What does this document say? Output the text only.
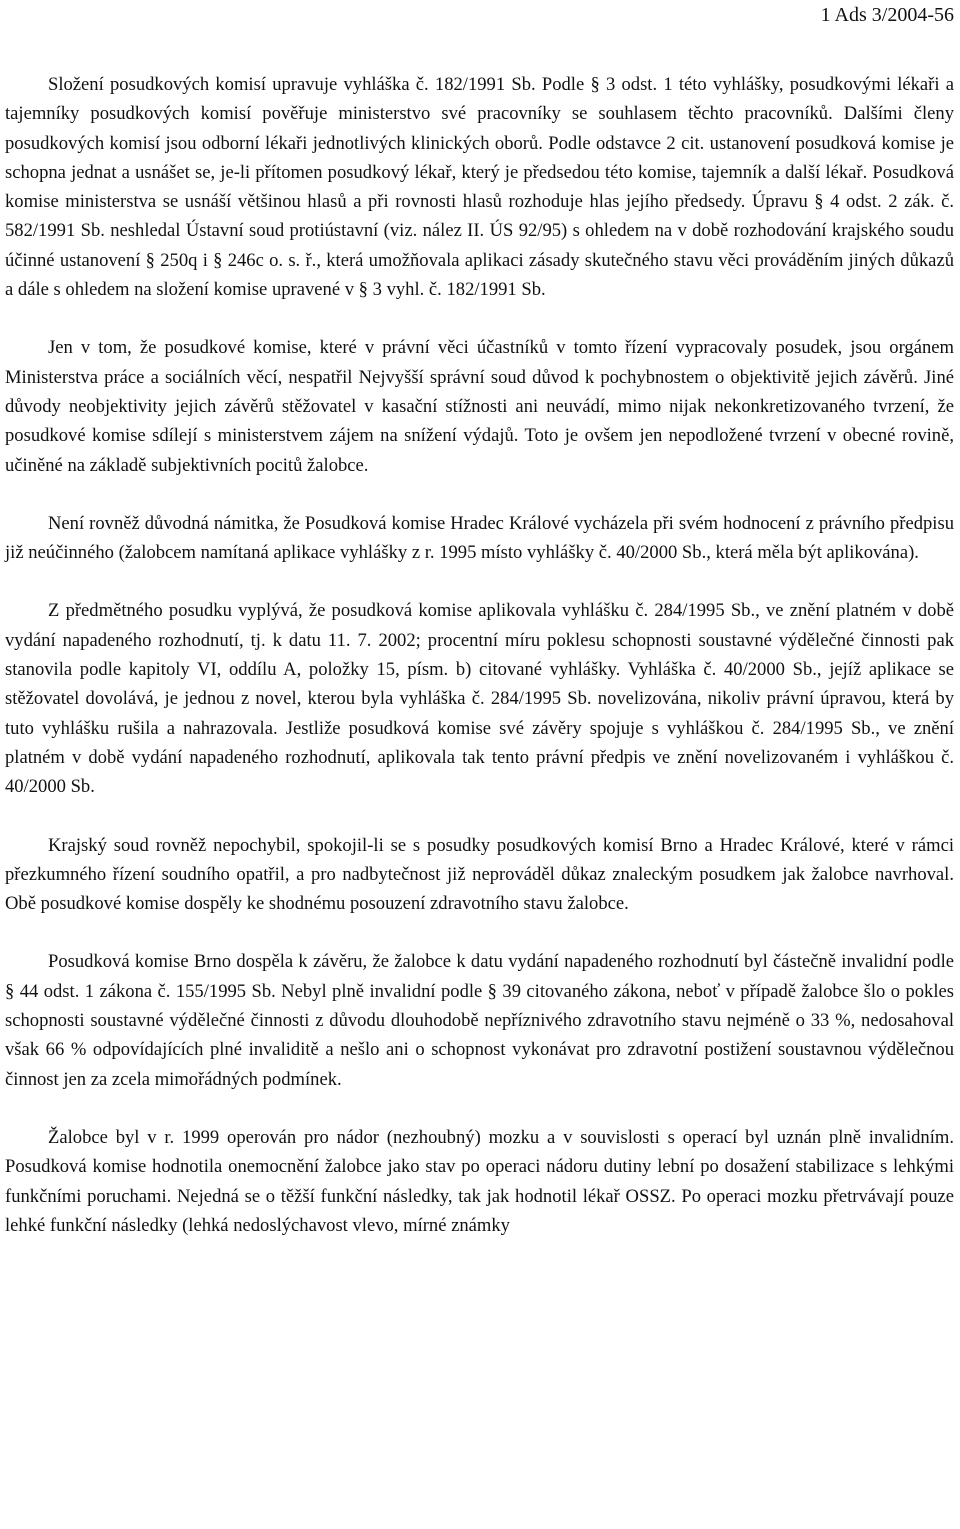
1 Ads 3/2004-56

Složení posudkových komisí upravuje vyhláška č. 182/1991 Sb. Podle § 3 odst. 1 této vyhlášky, posudkovými lékaři a tajemníky posudkových komisí pověřuje ministerstvo své pracovníky se souhlasem těchto pracovníků. Dalšími členy posudkových komisí jsou odborní lékaři jednotlivých klinických oborů. Podle odstavce 2 cit. ustanovení posudková komise je schopna jednat a usnášet se, je-li přítomen posudkový lékař, který je předsedou této komise, tajemník a další lékař. Posudková komise ministerstva se usnáší většinou hlasů a při rovnosti hlasů rozhoduje hlas jejího předsedy. Úpravu § 4 odst. 2 zák. č. 582/1991 Sb. neshledal Ústavní soud protiústavní (viz. nález II. ÚS 92/95) s ohledem na v době rozhodování krajského soudu účinné ustanovení § 250q i § 246c o. s. ř., která umožňovala aplikaci zásady skutečného stavu věci prováděním jiných důkazů a dále s ohledem na složení komise upravené v § 3 vyhl. č. 182/1991 Sb.

Jen v tom, že posudkové komise, které v právní věci účastníků v tomto řízení vypracovaly posudek, jsou orgánem Ministerstva práce a sociálních věcí, nespatřil Nejvyšší správní soud důvod k pochybnostem o objektivitě jejich závěrů. Jiné důvody neobjektivity jejich závěrů stěžovatel v kasační stížnosti ani neuvádí, mimo nijak nekonkretizovaného tvrzení, že posudkové komise sdílejí s ministerstvem zájem na snížení výdajů. Toto je ovšem jen nepodložené tvrzení v obecné rovině, učiněné na základě subjektivních pocitů žalobce.

Není rovněž důvodná námitka, že Posudková komise Hradec Králové vycházela při svém hodnocení z právního předpisu již neúčinného (žalobcem namítaná aplikace vyhlášky z r. 1995 místo vyhlášky č. 40/2000 Sb., která měla být aplikována).

Z předmětného posudku vyplývá, že posudková komise aplikovala vyhlášku č. 284/1995 Sb., ve znění platném v době vydání napadeného rozhodnutí, tj. k datu 11. 7. 2002; procentní míru poklesu schopnosti soustavné výdělečné činnosti pak stanovila podle kapitoly VI, oddílu A, položky 15, písm. b) citované vyhlášky. Vyhláška č. 40/2000 Sb., jejíž aplikace se stěžovatel dovolává, je jednou z novel, kterou byla vyhláška č. 284/1995 Sb. novelizována, nikoliv právní úpravou, která by tuto vyhlášku rušila a nahrazovala. Jestliže posudková komise své závěry spojuje s vyhláškou č. 284/1995 Sb., ve znění platném v době vydání napadeného rozhodnutí, aplikovala tak tento právní předpis ve znění novelizovaném i vyhláškou č. 40/2000 Sb.

Krajský soud rovněž nepochybil, spokojil-li se s posudky posudkových komisí Brno a Hradec Králové, které v rámci přezkumného řízení soudního opatřil, a pro nadbytečnost již neprováděl důkaz znaleckým posudkem jak žalobce navrhoval. Obě posudkové komise dospěly ke shodnému posouzení zdravotního stavu žalobce.

Posudková komise Brno dospěla k závěru, že žalobce k datu vydání napadeného rozhodnutí byl částečně invalidní podle § 44 odst. 1 zákona č. 155/1995 Sb. Nebyl plně invalidní podle § 39 citovaného zákona, neboť v případě žalobce šlo o pokles schopnosti soustavné výdělečné činnosti z důvodu dlouhodobě nepříznivého zdravotního stavu nejméně o 33 %, nedosahoval však 66 % odpovídajících plné invaliditě a nešlo ani o schopnost vykonávat pro zdravotní postižení soustavnou výdělečnou činnost jen za zcela mimořádných podmínek.

Žalobce byl v r. 1999 operován pro nádor (nezhoubný) mozku a v souvislosti s operací byl uznán plně invalidním. Posudková komise hodnotila onemocnění žalobce jako stav po operaci nádoru dutiny lební po dosažení stabilizace s lehkými funkčními poruchami. Nejedná se o těžší funkční následky, tak jak hodnotil lékař OSSZ. Po operaci mozku přetrvávají pouze lehké funkční následky (lehká nedoslýchavost vlevo, mírné známky
